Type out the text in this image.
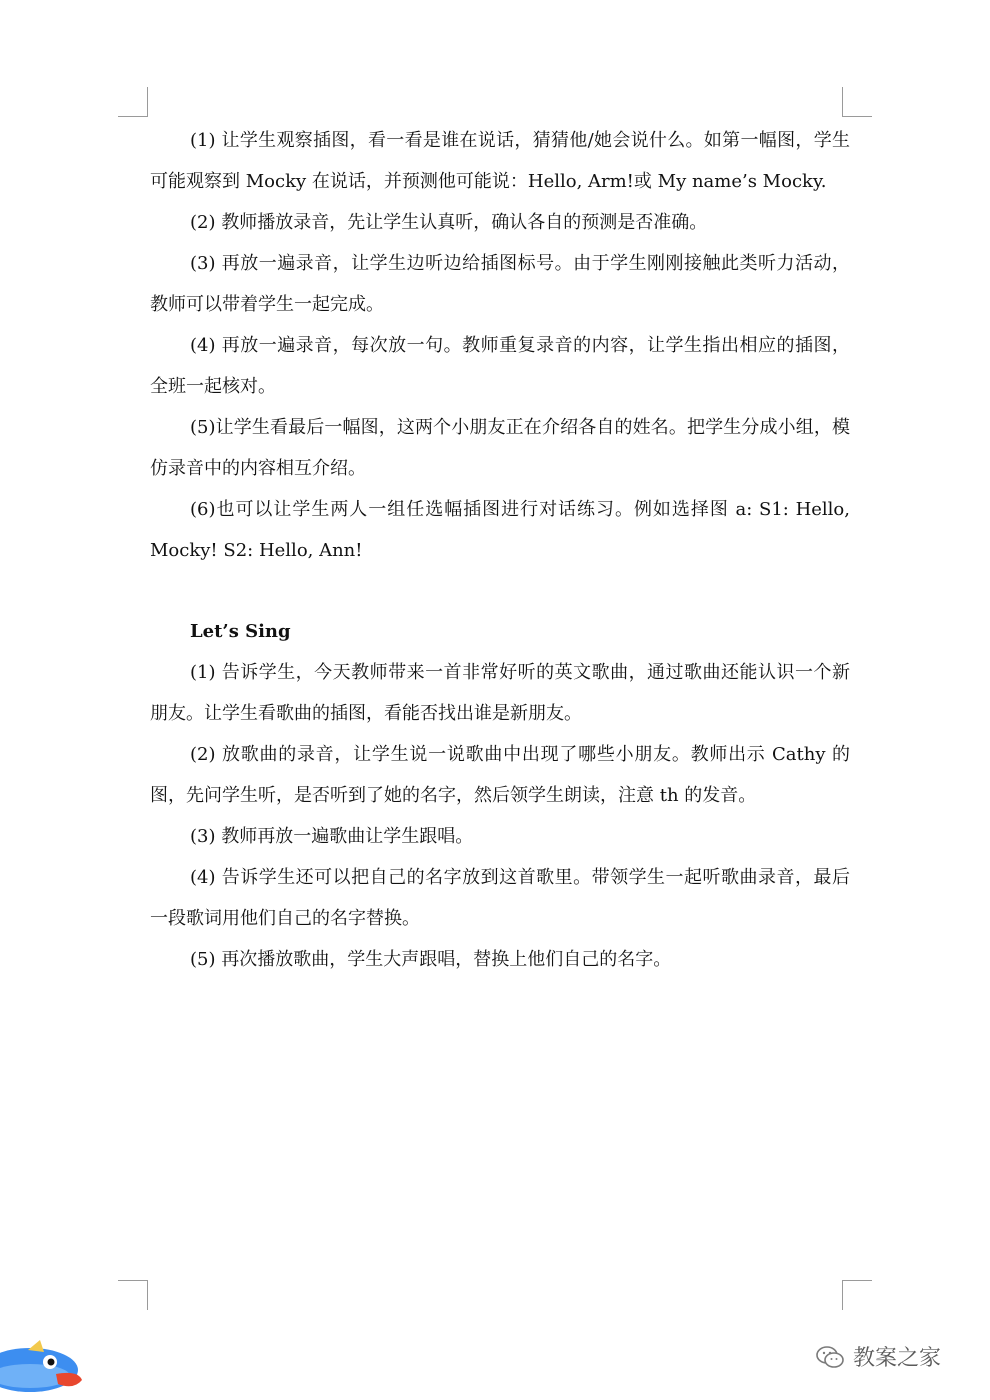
(1) 让学生观察插图，看一看是谁在说话，猜猜他/她会说什么。如第一幅图，学生可能观察到 Mocky 在说话，并预测他可能说：Hello, Arm!或 My name’s Mocky.

(2) 教师播放录音，先让学生认真听，确认各自的预测是否准确。

(3) 再放一遍录音，让学生边听边给插图标号。由于学生刚刚接触此类听力活动，教师可以带着学生一起完成。

(4) 再放一遍录音，每次放一句。教师重复录音的内容，让学生指出相应的插图，全班一起核对。

(5)让学生看最后一幅图，这两个小朋友正在介绍各自的姓名。把学生分成小组，模仿录音中的内容相互介绍。

(6)也可以让学生两人一组任选幅插图进行对话练习。例如选择图 a: S1: Hello, Mocky! S2: Hello, Ann!

Let’s Sing

(1) 告诉学生，今天教师带来一首非常好听的英文歌曲，通过歌曲还能认识一个新朋友。让学生看歌曲的插图，看能否找出谁是新朋友。

(2) 放歌曲的录音，让学生说一说歌曲中出现了哪些小朋友。教师出示 Cathy 的图，先问学生听，是否听到了她的名字，然后领学生朗读，注意 th 的发音。

(3) 教师再放一遍歌曲让学生跟唱。

(4) 告诉学生还可以把自己的名字放到这首歌里。带领学生一起听歌曲录音，最后一段歌词用他们自己的名字替换。

(5) 再次播放歌曲，学生大声跟唱，替换上他们自己的名字。

教案之家
